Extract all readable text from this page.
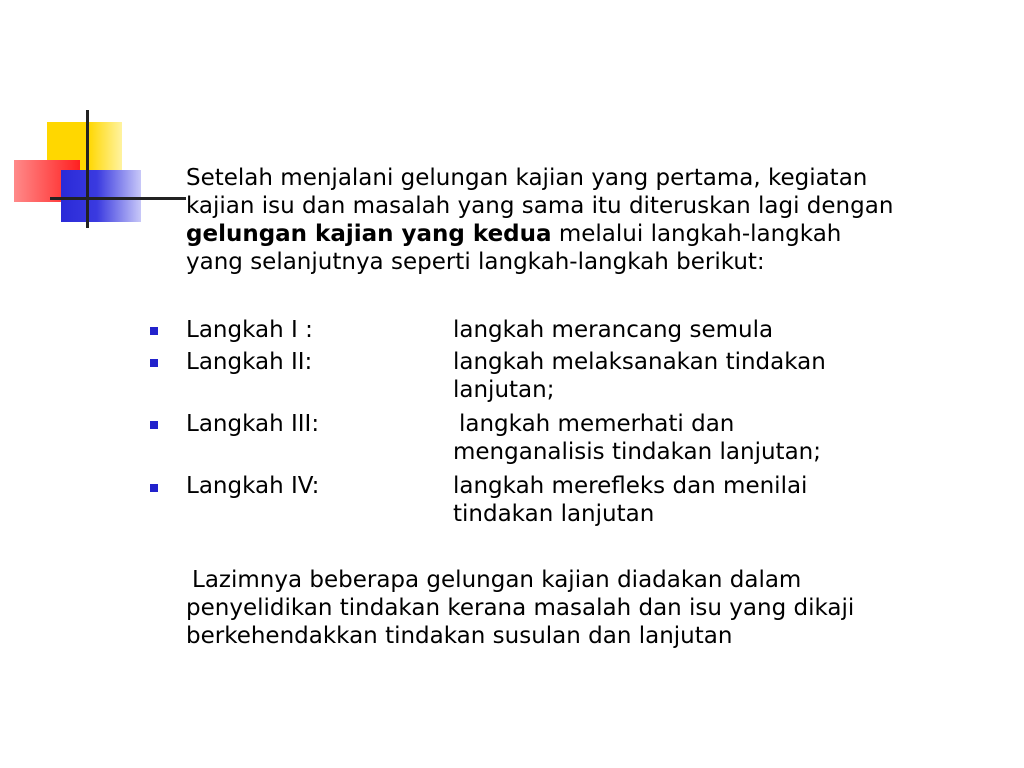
Setelah menjalani gelungan kajian yang pertama, kegiatan
kajian isu dan masalah yang sama itu diteruskan lagi dengan
gelungan kajian yang kedua melalui langkah-langkah
yang selanjutnya seperti langkah-langkah berikut:
Langkah I :	langkah merancang semula
Langkah II:	langkah melaksanakan tindakan
lanjutan;
Langkah III:	langkah memerhati dan
menganalisis tindakan lanjutan;
Langkah IV:	langkah merefleks dan menilai
tindakan lanjutan
Lazimnya beberapa gelungan kajian diadakan dalam
penyelidikan tindakan kerana masalah dan isu yang dikaji
berkehendakkan tindakan susulan dan lanjutan
